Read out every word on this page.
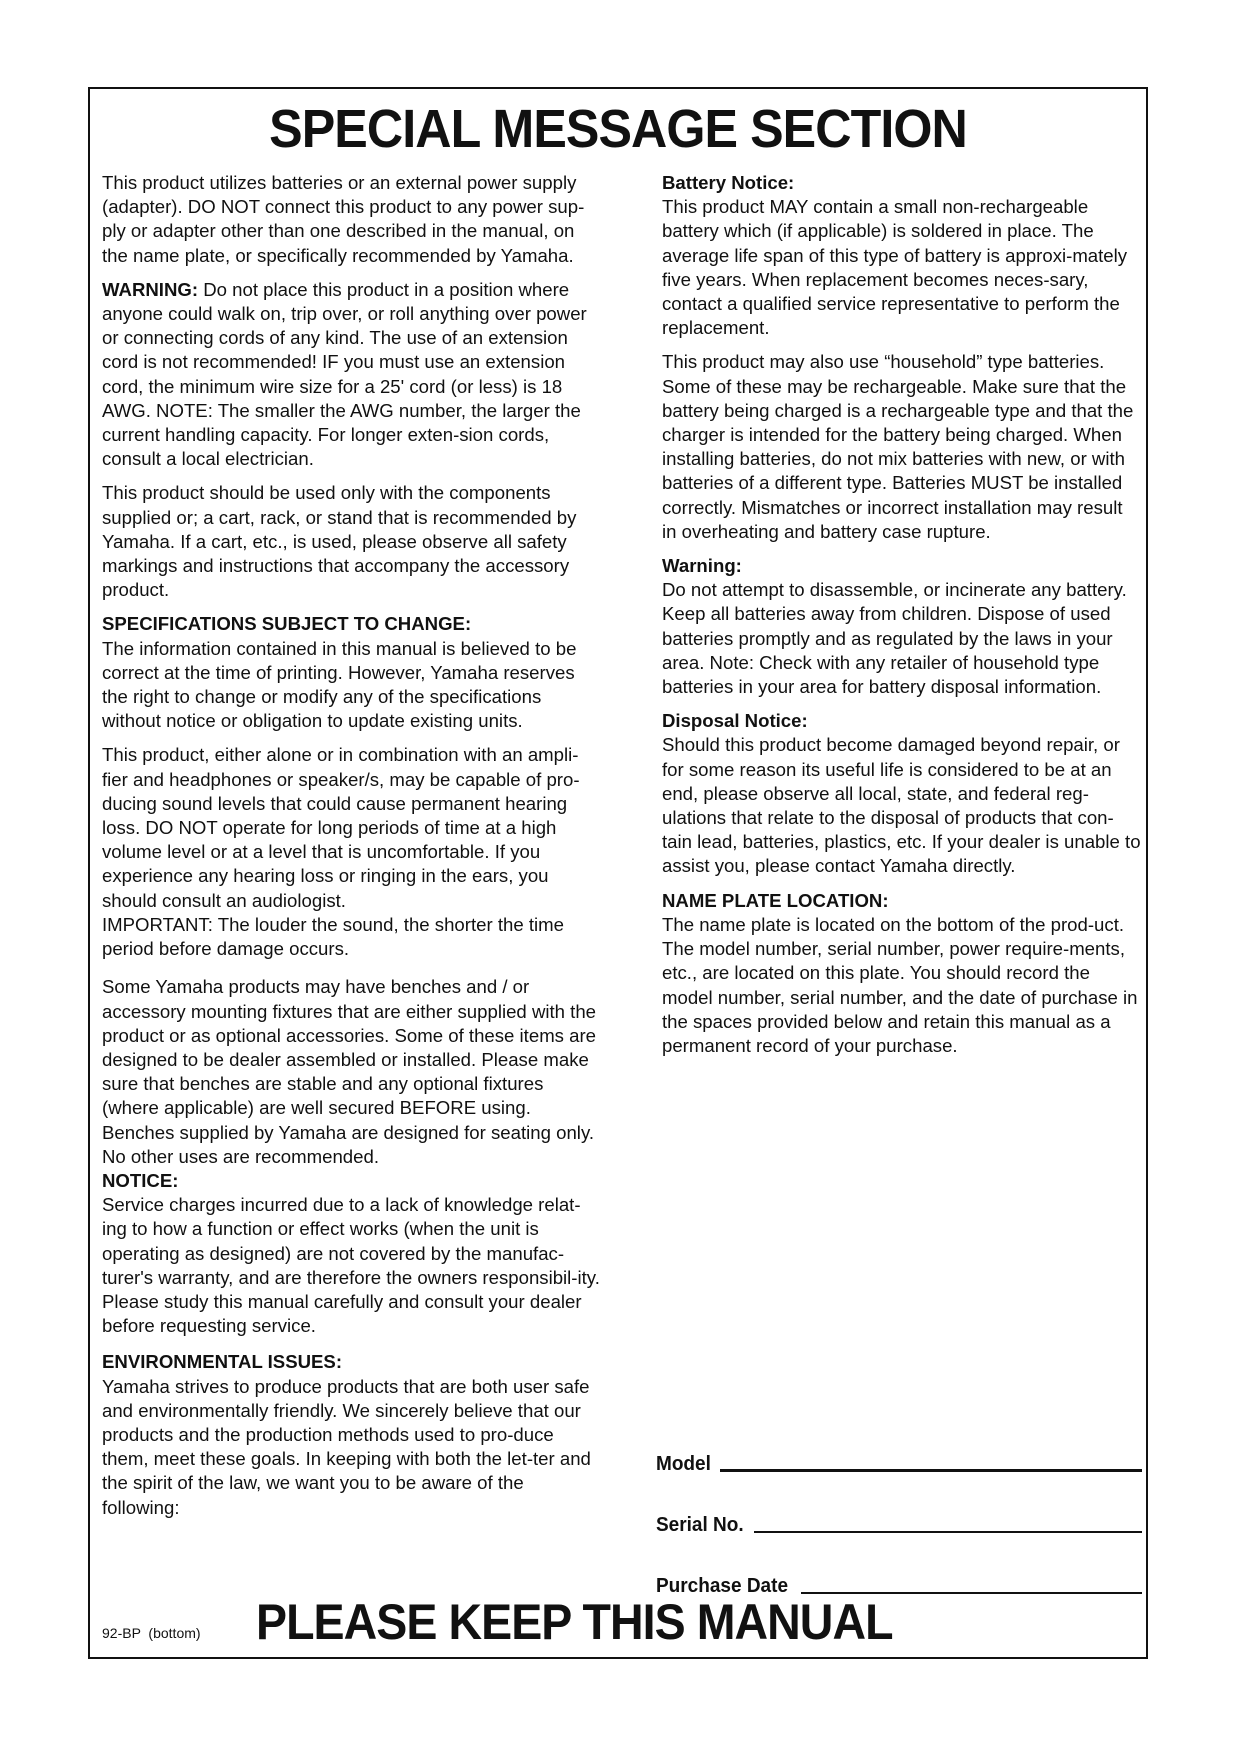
SPECIAL MESSAGE SECTION

This product utilizes batteries or an external power supply (adapter). DO NOT connect this product to any power sup-ply or adapter other than one described in the manual, on the name plate, or specifically recommended by Yamaha.

WARNING: Do not place this product in a position where anyone could walk on, trip over, or roll anything over power or connecting cords of any kind. The use of an extension cord is not recommended! IF you must use an extension cord, the minimum wire size for a 25' cord (or less) is 18 AWG. NOTE: The smaller the AWG number, the larger the current handling capacity. For longer exten-sion cords, consult a local electrician.

This product should be used only with the components supplied or; a cart, rack, or stand that is recommended by Yamaha. If a cart, etc., is used, please observe all safety markings and instructions that accompany the accessory product.

SPECIFICATIONS SUBJECT TO CHANGE:

The information contained in this manual is believed to be correct at the time of printing. However, Yamaha reserves the right to change or modify any of the specifications without notice or obligation to update existing units.

This product, either alone or in combination with an ampli-fier and headphones or speaker/s, may be capable of pro-ducing sound levels that could cause permanent hearing loss. DO NOT operate for long periods of time at a high volume level or at a level that is uncomfortable. If you experience any hearing loss or ringing in the ears, you should consult an audiologist.

IMPORTANT: The louder the sound, the shorter the time period before damage occurs.

Some Yamaha products may have benches and / or accessory mounting fixtures that are either supplied with the product or as optional accessories. Some of these items are designed to be dealer assembled or installed. Please make sure that benches are stable and any optional fixtures (where applicable) are well secured BEFORE using.

Benches supplied by Yamaha are designed for seating only. No other uses are recommended.

NOTICE:

Service charges incurred due to a lack of knowledge relat-ing to how a function or effect works (when the unit is operating as designed) are not covered by the manufac-turer's warranty, and are therefore the owners responsibil-ity. Please study this manual carefully and consult your dealer before requesting service.

ENVIRONMENTAL ISSUES:

Yamaha strives to produce products that are both user safe and environmentally friendly. We sincerely believe that our products and the production methods used to pro-duce them, meet these goals. In keeping with both the let-ter and the spirit of the law, we want you to be aware of the following:

Battery Notice:

This product MAY contain a small non-rechargeable battery which (if applicable) is soldered in place. The average life span of this type of battery is approxi-mately five years. When replacement becomes neces-sary, contact a qualified service representative to perform the replacement.

This product may also use “household” type batteries. Some of these may be rechargeable. Make sure that the battery being charged is a rechargeable type and that the charger is intended for the battery being charged. When installing batteries, do not mix batteries with new, or with batteries of a different type. Batteries MUST be installed correctly. Mismatches or incorrect installation may result in overheating and battery case rupture.

Warning:

Do not attempt to disassemble, or incinerate any battery. Keep all batteries away from children. Dispose of used batteries promptly and as regulated by the laws in your area. Note: Check with any retailer of household type batteries in your area for battery disposal information.

Disposal Notice:

Should this product become damaged beyond repair, or for some reason its useful life is considered to be at an end, please observe all local, state, and federal reg-ulations that relate to the disposal of products that con-tain lead, batteries, plastics, etc. If your dealer is unable to assist you, please contact Yamaha directly.

NAME PLATE LOCATION:

The name plate is located on the bottom of the prod-uct. The model number, serial number, power require-ments, etc., are located on this plate. You should record the model number, serial number, and the date of purchase in the spaces provided below and retain this manual as a permanent record of your purchase.

Model
Serial No.
Purchase Date
92-BP  (bottom) PLEASE KEEP THIS MANUAL
